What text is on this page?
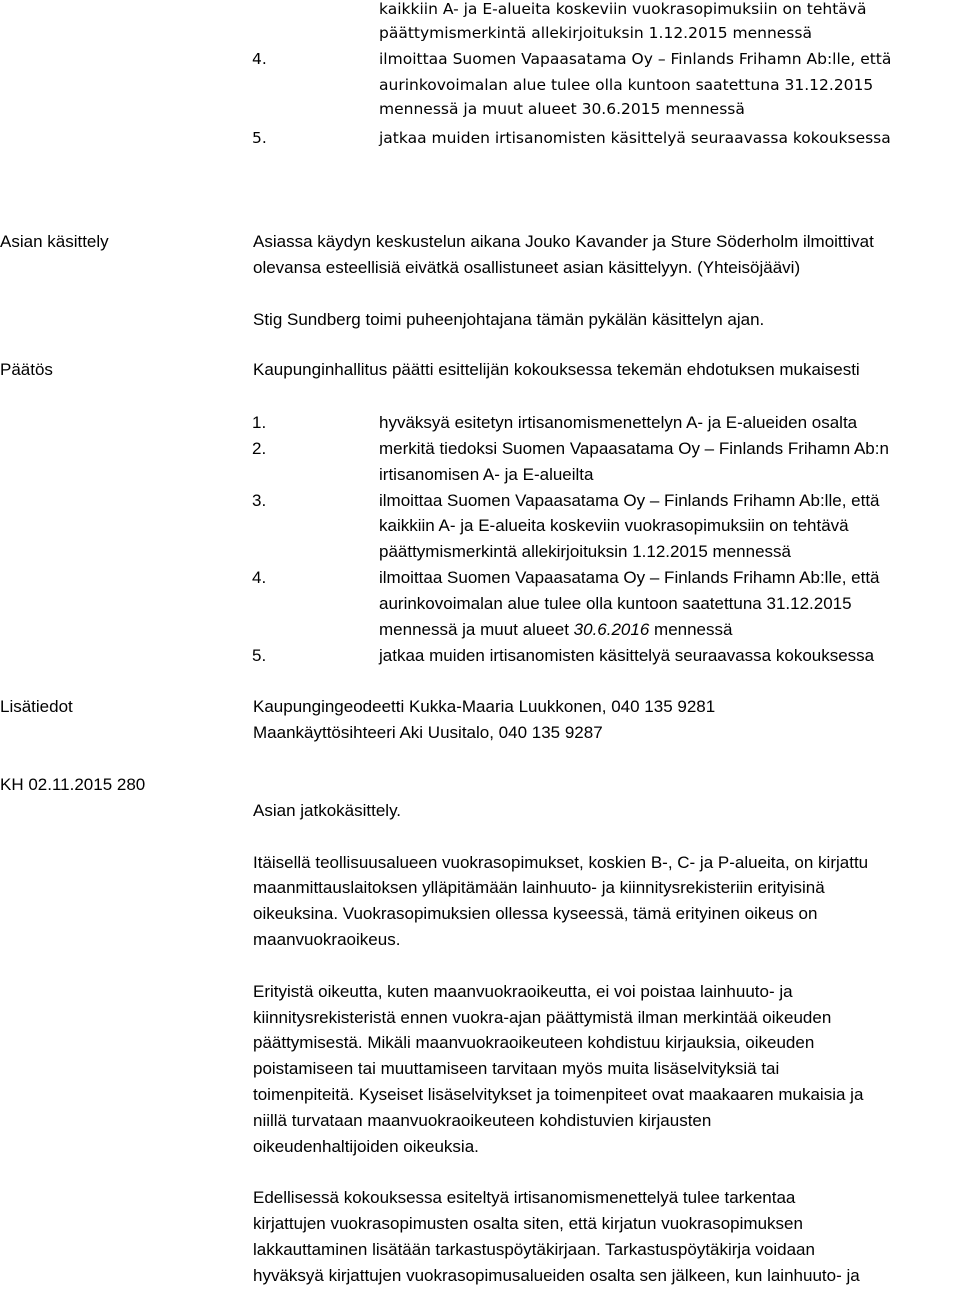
kaikkiin A- ja E-alueita koskeviin vuokrasopimuksiin on tehtävä
päättymismerkintä allekirjoituksin 1.12.2015 mennessä
4.	ilmoittaa Suomen Vapaasatama Oy – Finlands Frihamn Ab:lle, että
aurinkovoimalan alue tulee olla kuntoon saatettuna 31.12.2015
mennessä ja muut alueet 30.6.2015 mennessä
5.	jatkaa muiden irtisanomisten käsittelyä seuraavassa kokouksessa
Asian käsittely	Asiassa käydyn keskustelun aikana Jouko Kavander ja Sture Söderholm ilmoittivat
olevansa esteellisiä eivätkä osallistuneet asian käsittelyyn. (Yhteisöjäävi)
Stig Sundberg toimi puheenjohtajana tämän pykälän käsittelyn ajan.
Päätös	Kaupunginhallitus päätti esittelijän kokouksessa tekemän ehdotuksen mukaisesti
1.	hyväksyä esitetyn irtisanomismenettelyn A- ja E-alueiden osalta
2.	merkitä tiedoksi Suomen Vapaasatama Oy – Finlands Frihamn Ab:n
irtisanomisen A- ja E-alueilta
3.	ilmoittaa Suomen Vapaasatama Oy – Finlands Frihamn Ab:lle, että
kaikkiin A- ja E-alueita koskeviin vuokrasopimuksiin on tehtävä
päättymismerkintä allekirjoituksin 1.12.2015 mennessä
4.	ilmoittaa Suomen Vapaasatama Oy – Finlands Frihamn Ab:lle, että
aurinkovoimalan alue tulee olla kuntoon saatettuna 31.12.2015
mennessä ja muut alueet 30.6.2016 mennessä
5.	jatkaa muiden irtisanomisten käsittelyä seuraavassa kokouksessa
Lisätiedot	Kaupungingeodeetti Kukka-Maaria Luukkonen, 040 135 9281
Maankäyttösihteeri Aki Uusitalo, 040 135 9287
KH 02.11.2015 280
Asian jatkokäsittely.
Itäisellä teollisuusalueen vuokrasopimukset, koskien B-, C- ja P-alueita, on kirjattu
maanmittauslaitoksen ylläpitämään lainhuuto- ja kiinnitysrekisteriin erityisinä
oikeuksina. Vuokrasopimuksien ollessa kyseessä, tämä erityinen oikeus on
maanvuokraoikeus.
Erityistä oikeutta, kuten maanvuokraoikeutta, ei voi poistaa lainhuuto- ja
kiinnitysrekisteristä ennen vuokra-ajan päättymistä ilman merkintää oikeuden
päättymisestä. Mikäli maanvuokraoikeuteen kohdistuu kirjauksia, oikeuden
poistamiseen tai muuttamiseen tarvitaan myös muita lisäselvityksiä tai
toimenpiteitä. Kyseiset lisäselvitykset ja toimenpiteet ovat maakaaren mukaisia ja
niillä turvataan maanvuokraoikeuteen kohdistuvien kirjausten
oikeudenhaltijoiden oikeuksia.
Edellisessä kokouksessa esiteltyä irtisanomismenettelyä tulee tarkentaa
kirjattujen vuokrasopimusten osalta siten, että kirjatun vuokrasopimuksen
lakkauttaminen lisätään tarkastuspöytäkirjaan. Tarkastuspöytäkirja voidaan
hyväksyä kirjattujen vuokrasopimusalueiden osalta sen jälkeen, kun lainhuuto- ja
